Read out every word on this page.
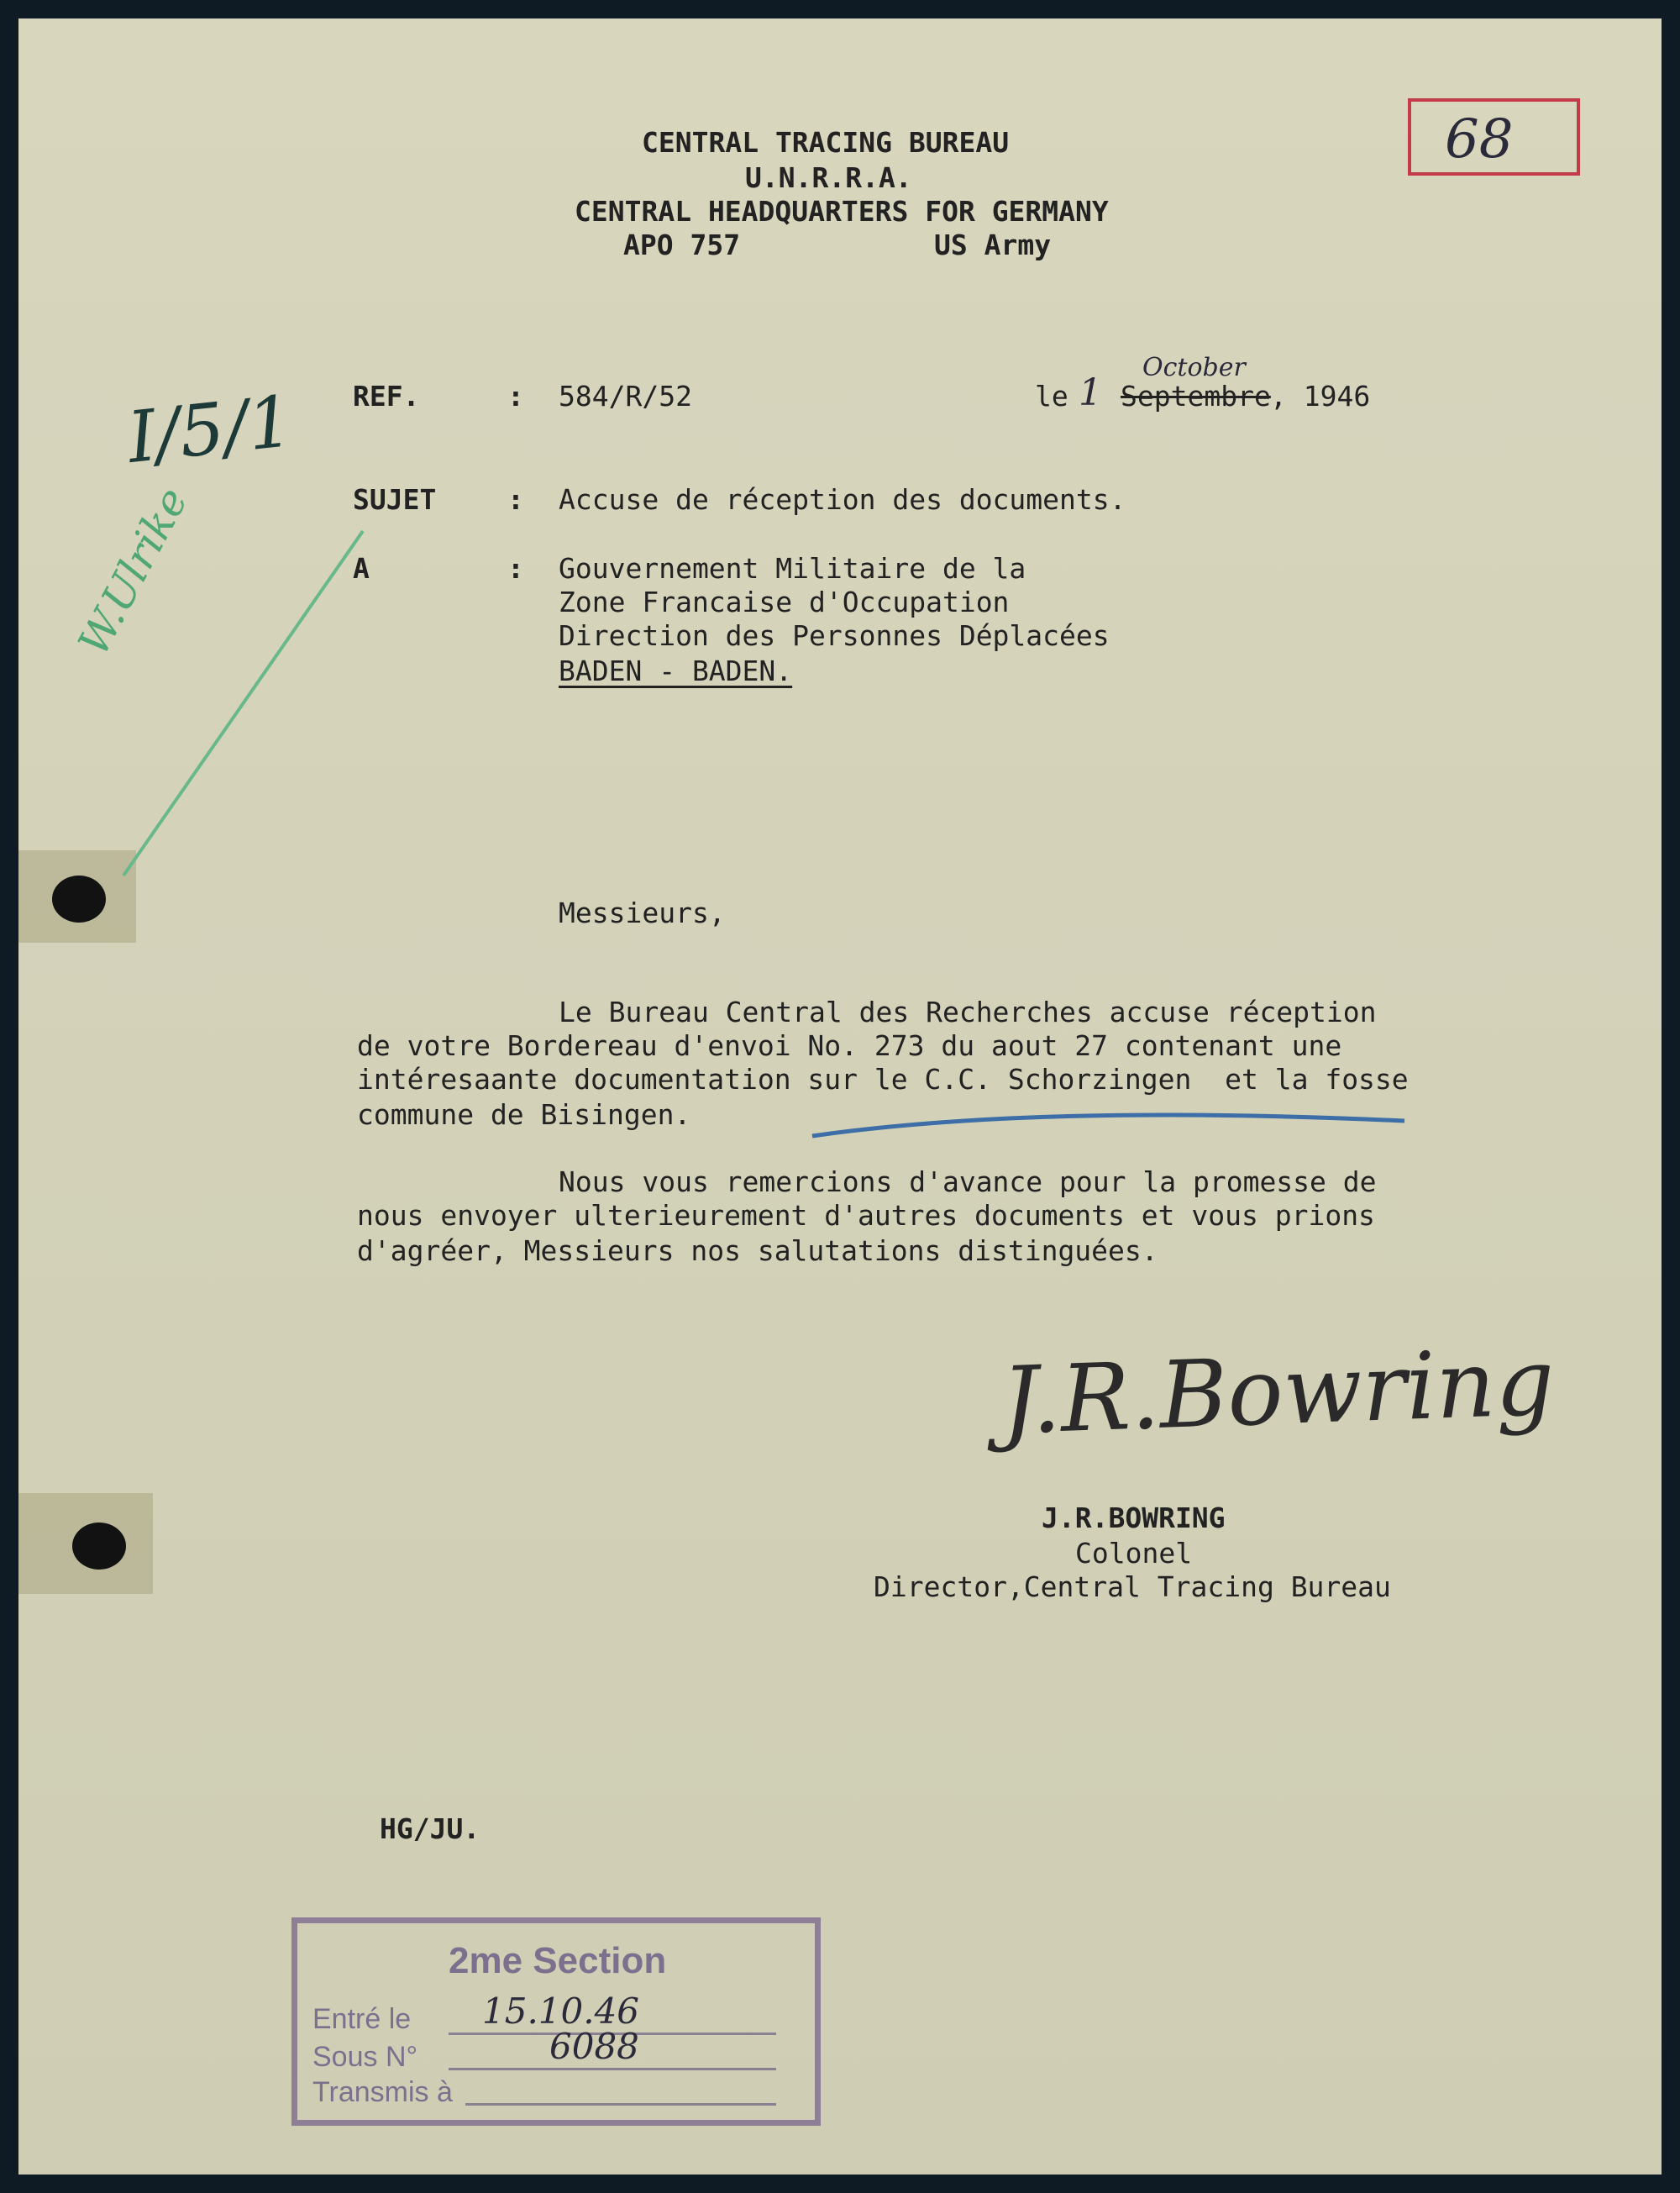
68
CENTRAL TRACING BUREAU
U.N.R.R.A.
CENTRAL HEADQUARTERS FOR GERMANY
APO 757	US Army
I/5/1
W.Ulrike
REF.	: 584/R/52	le 1 Septembre , 1946
October
SUJET	: Accuse de réception des documents.
A	: Gouvernement Militaire de la
Zone Francaise d'Occupation
Direction des Personnes Déplacées
BADEN - BADEN.
Messieurs,
Le Bureau Central des Recherches accuse réception
de votre Bordereau d'envoi No. 273 du aout 27 contenant une
intéresaante documentation sur le C.C. Schorzingen  et la fosse
commune de Bisingen.
Nous vous remercions d'avance pour la promesse de
nous envoyer ulterieurement d'autres documents et vous prions
d'agréer, Messieurs nos salutations distinguées.
J.R.Bowring
J.R.BOWRING
Colonel
Director,Central Tracing Bureau
HG/JU.
2me Section
Entré le 15.10.46
Sous N°	6088
Transmis à
